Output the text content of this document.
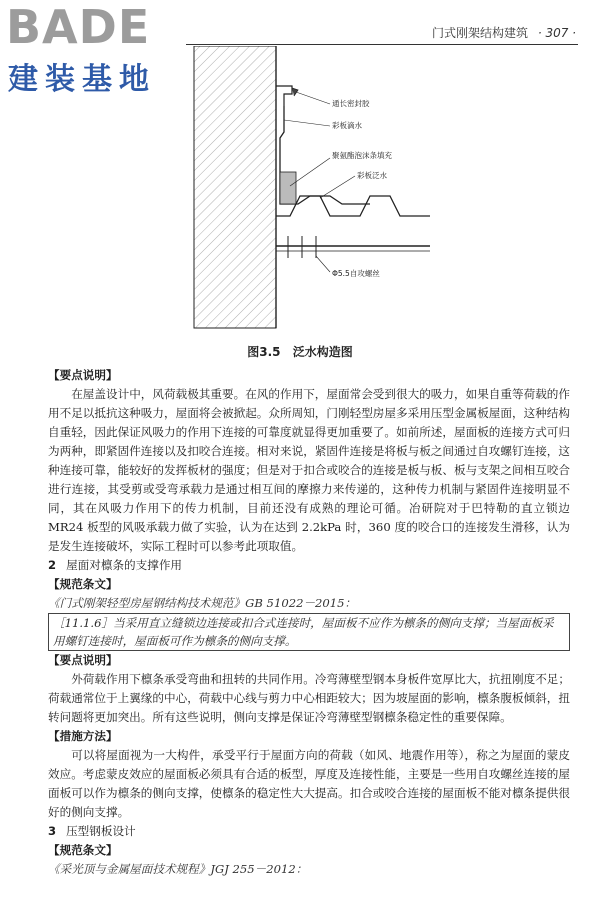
BADE
建装基地
门式刚架结构建筑 · 307 ·
通长密封胶
彩板滴水
聚氨酯泡沫条填充
彩板泛水
Φ5.5自攻螺丝
图3.5 泛水构造图

【要点说明】

在屋盖设计中，风荷载极其重要。在风的作用下，屋面常会受到很大的吸力，如果自重等荷载的作用不足以抵抗这种吸力，屋面将会被掀起。众所周知，门刚轻型房屋多采用压型金属板屋面，这种结构自重轻，因此保证风吸力的作用下连接的可靠度就显得更加重要了。如前所述，屋面板的连接方式可归为两种，即紧固件连接以及扣咬合连接。相对来说，紧固件连接是将板与板之间通过自攻螺钉连接，这种连接可靠，能较好的发挥板材的强度；但是对于扣合或咬合的连接是板与板、板与支架之间相互咬合进行连接，其受剪或受弯承载力是通过相互间的摩擦力来传递的，这种传力机制与紧固件连接明显不同，其在风吸力作用下的传力机制，目前还没有成熟的理论可循。冶研院对于巴特勒的直立锁边 MR24 板型的风吸承载力做了实验，认为在达到 2.2kPa 时，360 度的咬合口的连接发生滑移，认为是发生连接破坏，实际工程时可以参考此项取值。

2 屋面对檩条的支撑作用

【规范条文】

《门式刚架轻型房屋钢结构技术规范》GB 51022－2015：

［11.1.6］当采用直立缝锁边连接或扣合式连接时，屋面板不应作为檩条的侧向支撑；当屋面板采用螺钉连接时，屋面板可作为檩条的侧向支撑。

【要点说明】

外荷载作用下檩条承受弯曲和扭转的共同作用。冷弯薄壁型钢本身板件宽厚比大，抗扭刚度不足；荷载通常位于上翼缘的中心，荷载中心线与剪力中心相距较大；因为坡屋面的影响，檩条腹板倾斜，扭转问题将更加突出。所有这些说明，侧向支撑是保证冷弯薄壁型钢檩条稳定性的重要保障。

【措施方法】

可以将屋面视为一大构件，承受平行于屋面方向的荷载（如风、地震作用等），称之为屋面的蒙皮效应。考虑蒙皮效应的屋面板必须具有合适的板型，厚度及连接性能，主要是一些用自攻螺丝连接的屋面板可以作为檩条的侧向支撑，使檩条的稳定性大大提高。扣合或咬合连接的屋面板不能对檩条提供很好的侧向支撑。

3 压型钢板设计

【规范条文】

《采光顶与金属屋面技术规程》JGJ 255－2012：
